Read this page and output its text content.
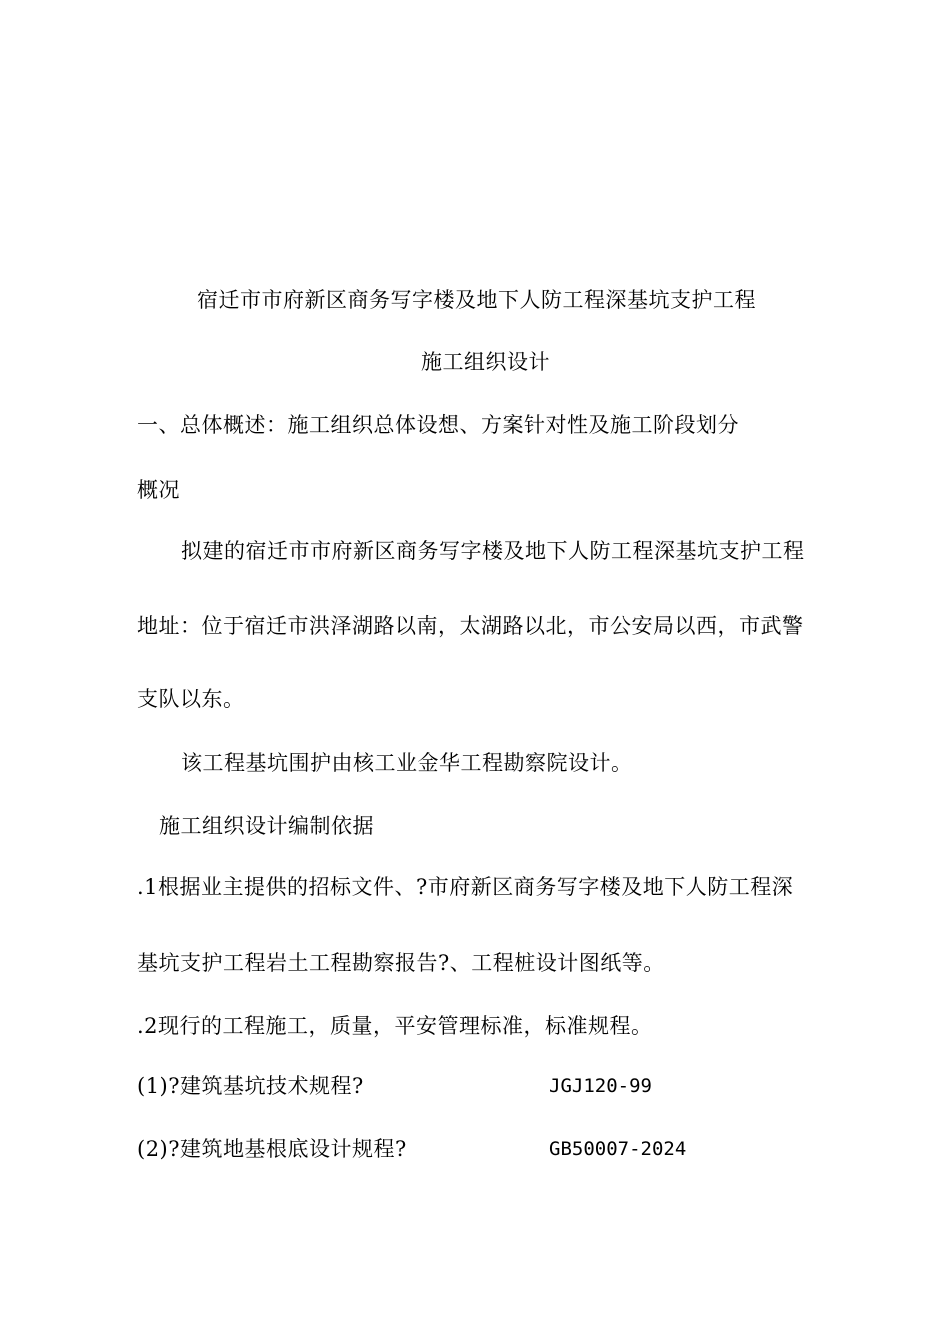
宿迁市市府新区商务写字楼及地下人防工程深基坑支护工程
施工组织设计
一、总体概述：施工组织总体设想、方案针对性及施工阶段划分
概况
拟建的宿迁市市府新区商务写字楼及地下人防工程深基坑支护工程
地址：位于宿迁市洪泽湖路以南，太湖路以北，市公安局以西，市武警
支队以东。
该工程基坑围护由核工业金华工程勘察院设计。
施工组织设计编制依据
.1根据业主提供的招标文件、?市府新区商务写字楼及地下人防工程深
基坑支护工程岩土工程勘察报告?、工程桩设计图纸等。
.2现行的工程施工，质量，平安管理标准，标准规程。
(1)?建筑基坑技术规程?	JGJ120-99
(2)?建筑地基根底设计规程?	GB50007-2024
